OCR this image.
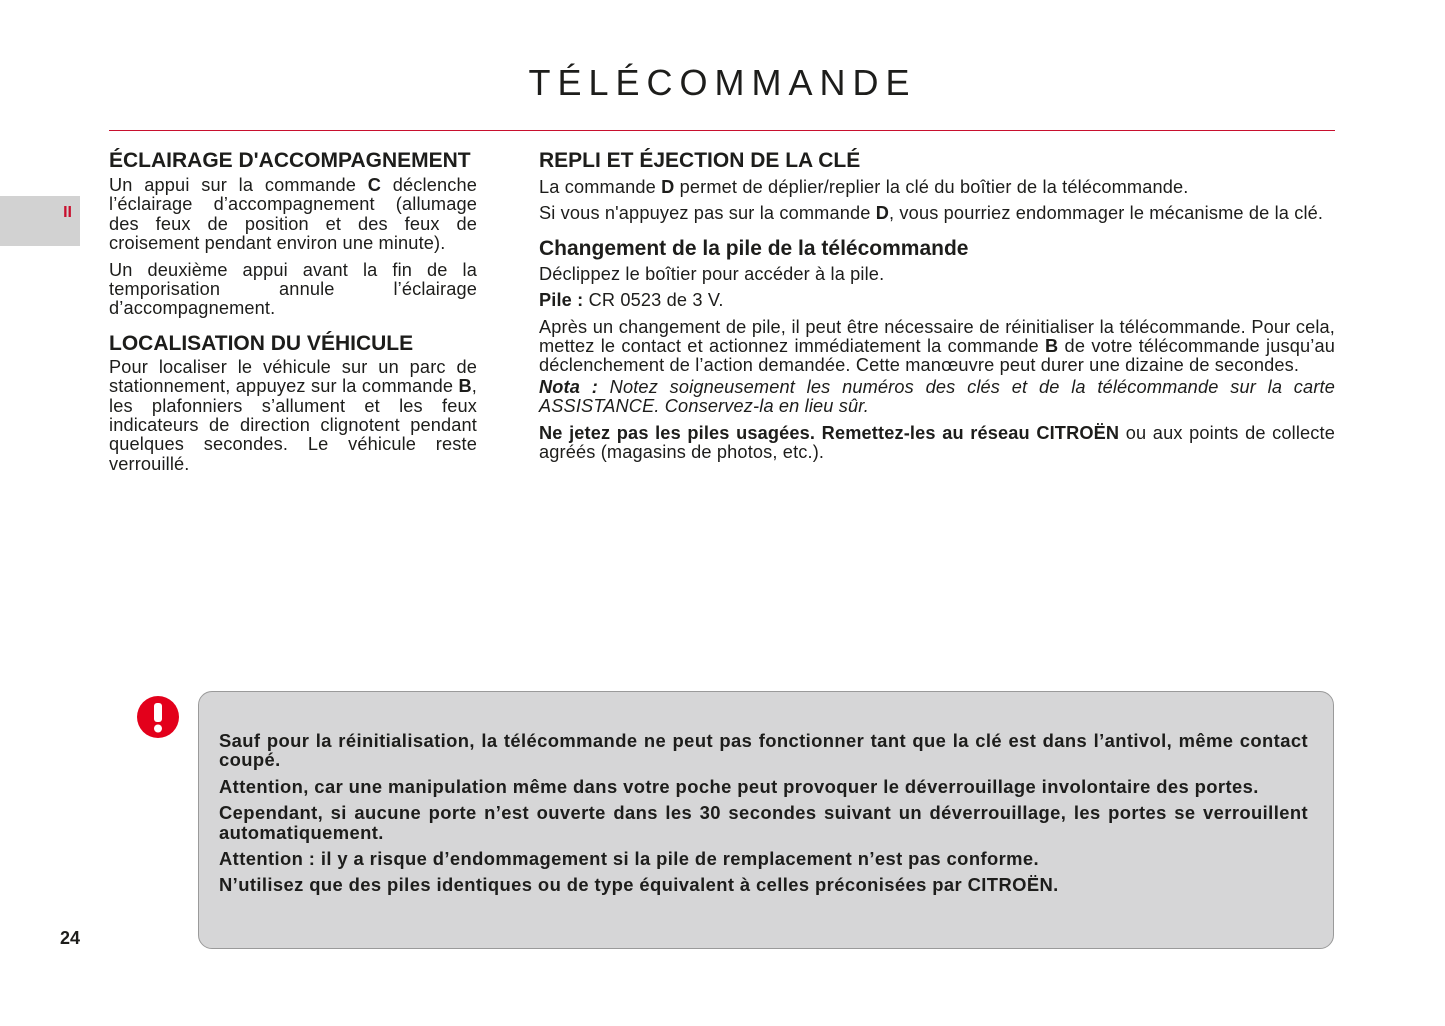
TÉLÉCOMMANDE
II
ÉCLAIRAGE D'ACCOMPAGNEMENT

Un appui sur la commande C déclenche l’éclairage d’accompagnement (allumage des feux de position et des feux de croisement pendant environ une minute).

Un deuxième appui avant la fin de la temporisation annule l’éclairage d’accompagnement.

LOCALISATION DU VÉHICULE

Pour localiser le véhicule sur un parc de stationnement, appuyez sur la commande B, les plafonniers s’allument et les feux indicateurs de direction clignotent pendant quelques secondes. Le véhicule reste verrouillé.

REPLI ET ÉJECTION DE LA CLÉ

La commande D permet de déplier/replier la clé du boîtier de la télécommande.

Si vous n'appuyez pas sur la commande D, vous pourriez endommager le mécanisme de la clé.

Changement de la pile de la télécommande

Déclippez le boîtier pour accéder à la pile.

Pile : CR 0523 de 3 V.

Après un changement de pile, il peut être nécessaire de réinitialiser la télécommande. Pour cela, mettez le contact et actionnez immédiatement la commande B de votre télécommande jusqu’au déclenchement de l’action demandée. Cette manœuvre peut durer une dizaine de secondes.

Nota : Notez soigneusement les numéros des clés et de la télécommande sur la carte ASSISTANCE. Conservez-la en lieu sûr.

Ne jetez pas les piles usagées. Remettez-les au réseau CITROËN ou aux points de collecte agréés (magasins de photos, etc.).

Sauf pour la réinitialisation, la télécommande ne peut pas fonctionner tant que la clé est dans l’antivol, même contact coupé.

Attention, car une manipulation même dans votre poche peut provoquer le déverrouillage involontaire des portes.

Cependant, si aucune porte n’est ouverte dans les 30 secondes suivant un déverrouillage, les portes se verrouillent automatiquement.

Attention : il y a risque d’endommagement si la pile de remplacement n’est pas conforme.

N’utilisez que des piles identiques ou de type équivalent à celles préconisées par CITROËN.

24
